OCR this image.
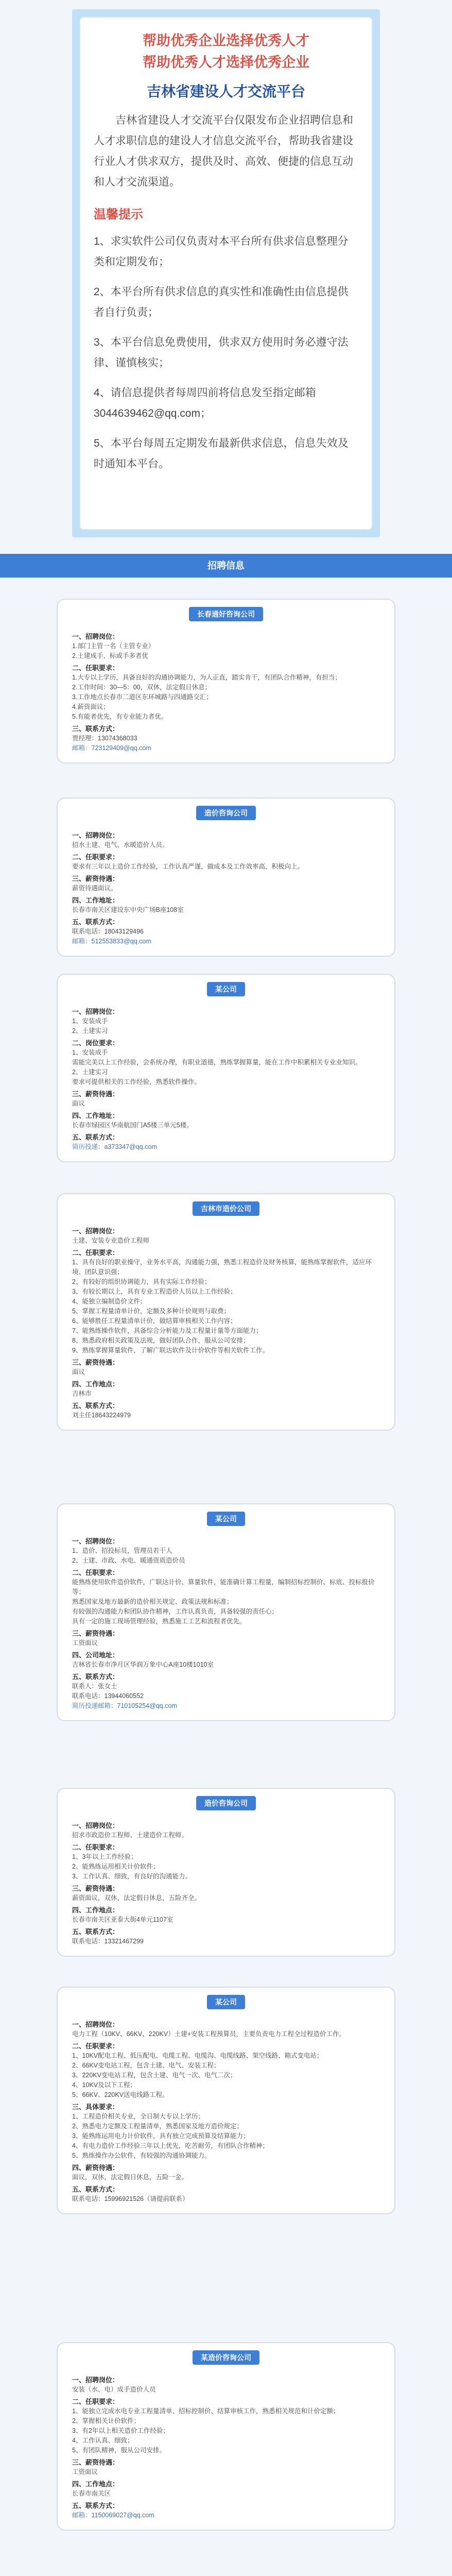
帮助优秀企业选择优秀人才
帮助优秀人才选择优秀企业
吉林省建设人才交流平台
吉林省建设人才交流平台仅限发布企业招聘信息和人才求职信息的建设人才信息交流平台，帮助我省建设行业人才供求双方，提供及时、高效、便捷的信息互动和人才交流渠道。
温馨提示
1、求实软件公司仅负责对本平台所有供求信息整理分类和定期发布；
2、本平台所有供求信息的真实性和准确性由信息提供者自行负责；
3、本平台信息免费使用，供求双方使用时务必遵守法律、谨慎核实；
4、请信息提供者每周四前将信息发至指定邮箱3044639462@qq.com；
5、本平台每周五定期发布最新供求信息，信息失效及时通知本平台。
招聘信息
长春通好咨询公司
一、招聘岗位：
1.部门主管一名（主管专业）
2.土建成手、标或手多者优
二、任职要求：
1.大专以上学历，具备良好的沟通协调能力，为人正直，踏实肯干，有团队合作精神，有担当；
2.工作时间：30—5：00，双休，法定假日休息；
3.工作地点长春市二道区东环城路与四通路交汇；
4.薪资面议；
5.有能者优先，有专业能力者优。
三、联系方式：
贾经理：13074368033
邮箱：723129409@qq.com
造价咨询公司
一、招聘岗位：
招水土建、电气、水暖造价人员。
二、任职要求：
要求有三年以上造价工作经验，工作认真严谨，做成本及工作效率高，积极向上。
三、薪资待遇：
薪资待遇面议。
四、工作地址：
长春市南关区建设东中央广场B座108室
五、联系方式：
联系电话：18043129496
邮箱：512553833@qq.com
某公司
一、招聘岗位：
1、安装成手
2、土建实习
二、岗位要求：
1、安装成手
需能完美以上工作经验，会系统办理，有职业道德，熟练掌握算量，能在工作中积累相关专业业知识。
2、土建实习
要求可提供相关的工作经验，熟悉软件操作。
三、薪资待遇：
面议
四、工作地址：
长春市绿园区华南航国门A5楼三单元5楼。
五、联系方式：
简历投递：a373347@qq.com
吉林市造价公司
一、招聘岗位：
土建、安装专业造价工程师
二、任职要求：
1、具有良好的职业操守，业务水平高，沟通能力强，熟悉工程造价及财务核算，能熟练掌握软件，适应环境、团队意识强；
2、有较好的组织协调能力，具有实际工作经验；
3、有较长期以上，具有专业工程造价人员以上工作经验；
4、能独立编制造价文件；
5、掌握工程量清单计价，定额及多种计价规则与取费；
6、能够胜任工程量清单计价，做结算审核相关工作内容；
7、能熟练操作软件，具备综合分析能力及工程量计量等方面能力；
8、熟悉政府相关政策及法规，做好团队合作，服从公司安排；
9、熟练掌握算量软件，了解广联达软件及计价软件等相关软件工作。
三、薪资待遇：
面议
四、工作地点：
吉林市
五、联系方式：
刘主任18643224979
某公司
一、招聘岗位：
1、造价、招投标员，管理员若干人
2、土建、市政、水电、暖通资质造价员
二、任职要求：
能熟练使用软件造价软件，广联达计价、算量软件，能准确计算工程量，编制招标控制价、标底、投标报价等；
熟悉国家及地方最新的造价相关规定、政策法规和标准；
有较强的沟通能力和团队协作精神，工作认真负责，具备较强的责任心；
具有一定的施工现场管理经验，熟悉施工工艺和流程者优先。
三、薪资待遇：
工资面议
四、公司地址：
吉林省长春市净月区华润万象中心A座10楼1010室
五、联系方式：
联系人：张女士
联系电话：13944060552
简历投递邮箱：710105254@qq.com
造价咨询公司
一、招聘岗位：
招求市政造价工程师、土建造价工程师。
二、任职要求：
1、3年以上工作经验；
2、能熟练运用相关计价软件；
3、工作认真、细致，有良好的沟通能力。
三、薪资待遇：
薪资面议，双休，法定假日休息，五险齐全。
四、工作地点：
长春市南关区亚泰大街4单元1107室
五、联系方式：
联系电话：13321467299
某公司
一、招聘岗位：
电力工程（10KV、66KV、220KV）土建+安装工程预算员，主要负责电力工程全过程造价工作。
二、任职要求：
1、10KV配电工程、低压配电、电缆工程、电缆沟、电缆线路、架空线路、箱式变电站；
2、66KV变电站工程，包含土建、电气、安装工程；
3、220KV变电站工程，包含土建、电气一次、电气二次；
4、10KV及以下工程；
5、66KV、220KV送电线路工程。
三、具体要求：
1、工程造价相关专业，全日制大专以上学历；
2、熟悉电力定额及工程量清单，熟悉国家及地方造价规定；
3、能熟练运用电力计价软件，具有独立完成预算及结算能力；
4、有电力造价工作经验三年以上优先，吃苦耐劳，有团队合作精神；
5、熟练操作办公软件，有较强的沟通协调能力。
四、薪资待遇：
面议，双休，法定假日休息，五险一金。
五、联系方式：
联系电话：15996921526（请提前联系）
某造价咨询公司
一、招聘岗位：
安装（水、电）成手造价人员
二、任职要求：
1、能独立完成水电专业工程量清单、招标控制价、结算审核工作，熟悉相关规范和计价定额；
2、掌握相关计价软件；
3、有2年以上相关造价工作经验；
4、工作认真、细致；
5、有团队精神，服从公司安排。
三、薪资待遇：
工资面议
四、工作地点：
长春市南关区
五、联系方式：
邮箱：1150069027@qq.com
